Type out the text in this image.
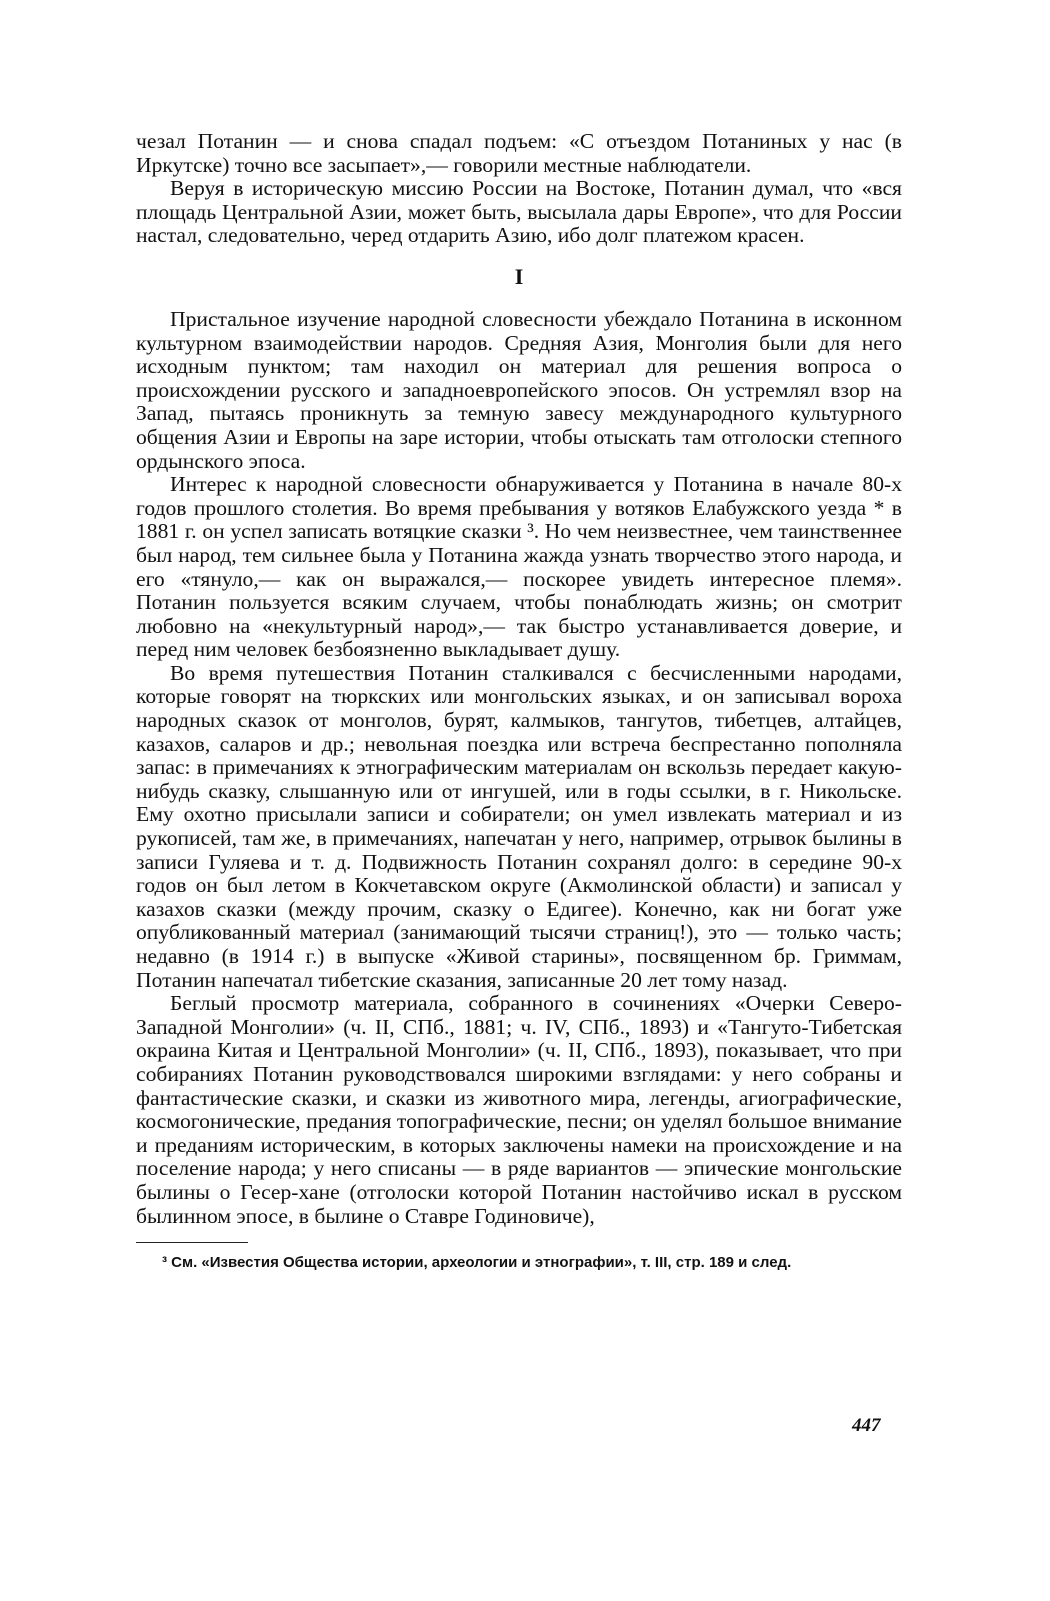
чезал Потанин — и снова спадал подъем: «С отъездом Потаниных у нас (в Иркутске) точно все засыпает»,— говорили местные наблюдатели.

Веруя в историческую миссию России на Востоке, Потанин думал, что «вся площадь Центральной Азии, может быть, высылала дары Европе», что для России настал, следовательно, черед отдарить Азию, ибо долг платежом красен.

I

Пристальное изучение народной словесности убеждало Потанина в исконном культурном взаимодействии народов. Средняя Азия, Монголия были для него исходным пунктом; там находил он материал для решения вопроса о происхождении русского и западноевропейского эпосов. Он устремлял взор на Запад, пытаясь проникнуть за темную завесу международного культурного общения Азии и Европы на заре истории, чтобы отыскать там отголоски степного ордынского эпоса.

Интерес к народной словесности обнаруживается у Потанина в начале 80-х годов прошлого столетия. Во время пребывания у вотяков Елабужского уезда * в 1881 г. он успел записать вотяцкие сказки ³. Но чем неизвестнее, чем таинственнее был народ, тем сильнее была у Потанина жажда узнать творчество этого народа, и его «тянуло,— как он выражался,— поскорее увидеть интересное племя». Потанин пользуется всяким случаем, чтобы понаблюдать жизнь; он смотрит любовно на «некультурный народ»,— так быстро устанавливается доверие, и перед ним человек безбоязненно выкладывает душу.

Во время путешествия Потанин сталкивался с бесчисленными народами, которые говорят на тюркских или монгольских языках, и он записывал вороха народных сказок от монголов, бурят, калмыков, тангутов, тибетцев, алтайцев, казахов, саларов и др.; невольная поездка или встреча беспрестанно пополняла запас: в примечаниях к этнографическим материалам он вскользь передает какую-нибудь сказку, слышанную или от ингушей, или в годы ссылки, в г. Никольске. Ему охотно присылали записи и собиратели; он умел извлекать материал и из рукописей, там же, в примечаниях, напечатан у него, например, отрывок былины в записи Гуляева и т. д. Подвижность Потанин сохранял долго: в середине 90-х годов он был летом в Кокчетавском округе (Акмолинской области) и записал у казахов сказки (между прочим, сказку о Едигее). Конечно, как ни богат уже опубликованный материал (занимающий тысячи страниц!), это — только часть; недавно (в 1914 г.) в выпуске «Живой старины», посвященном бр. Гриммам, Потанин напечатал тибетские сказания, записанные 20 лет тому назад.

Беглый просмотр материала, собранного в сочинениях «Очерки Северо-Западной Монголии» (ч. II, СПб., 1881; ч. IV, СПб., 1893) и «Тангуто-Тибетская окраина Китая и Центральной Монголии» (ч. II, СПб., 1893), показывает, что при собираниях Потанин руководствовался широкими взглядами: у него собраны и фантастические сказки, и сказки из животного мира, легенды, агиографические, космогонические, предания топографические, песни; он уделял большое внимание и преданиям историческим, в которых заключены намеки на происхождение и на поселение народа; у него списаны — в ряде вариантов — эпические монгольские былины о Гесер-хане (отголоски которой Потанин настойчиво искал в русском былинном эпосе, в былине о Ставре Годиновиче),

³ См. «Известия Общества истории, археологии и этнографии», т. III, стр. 189 и след.

447
